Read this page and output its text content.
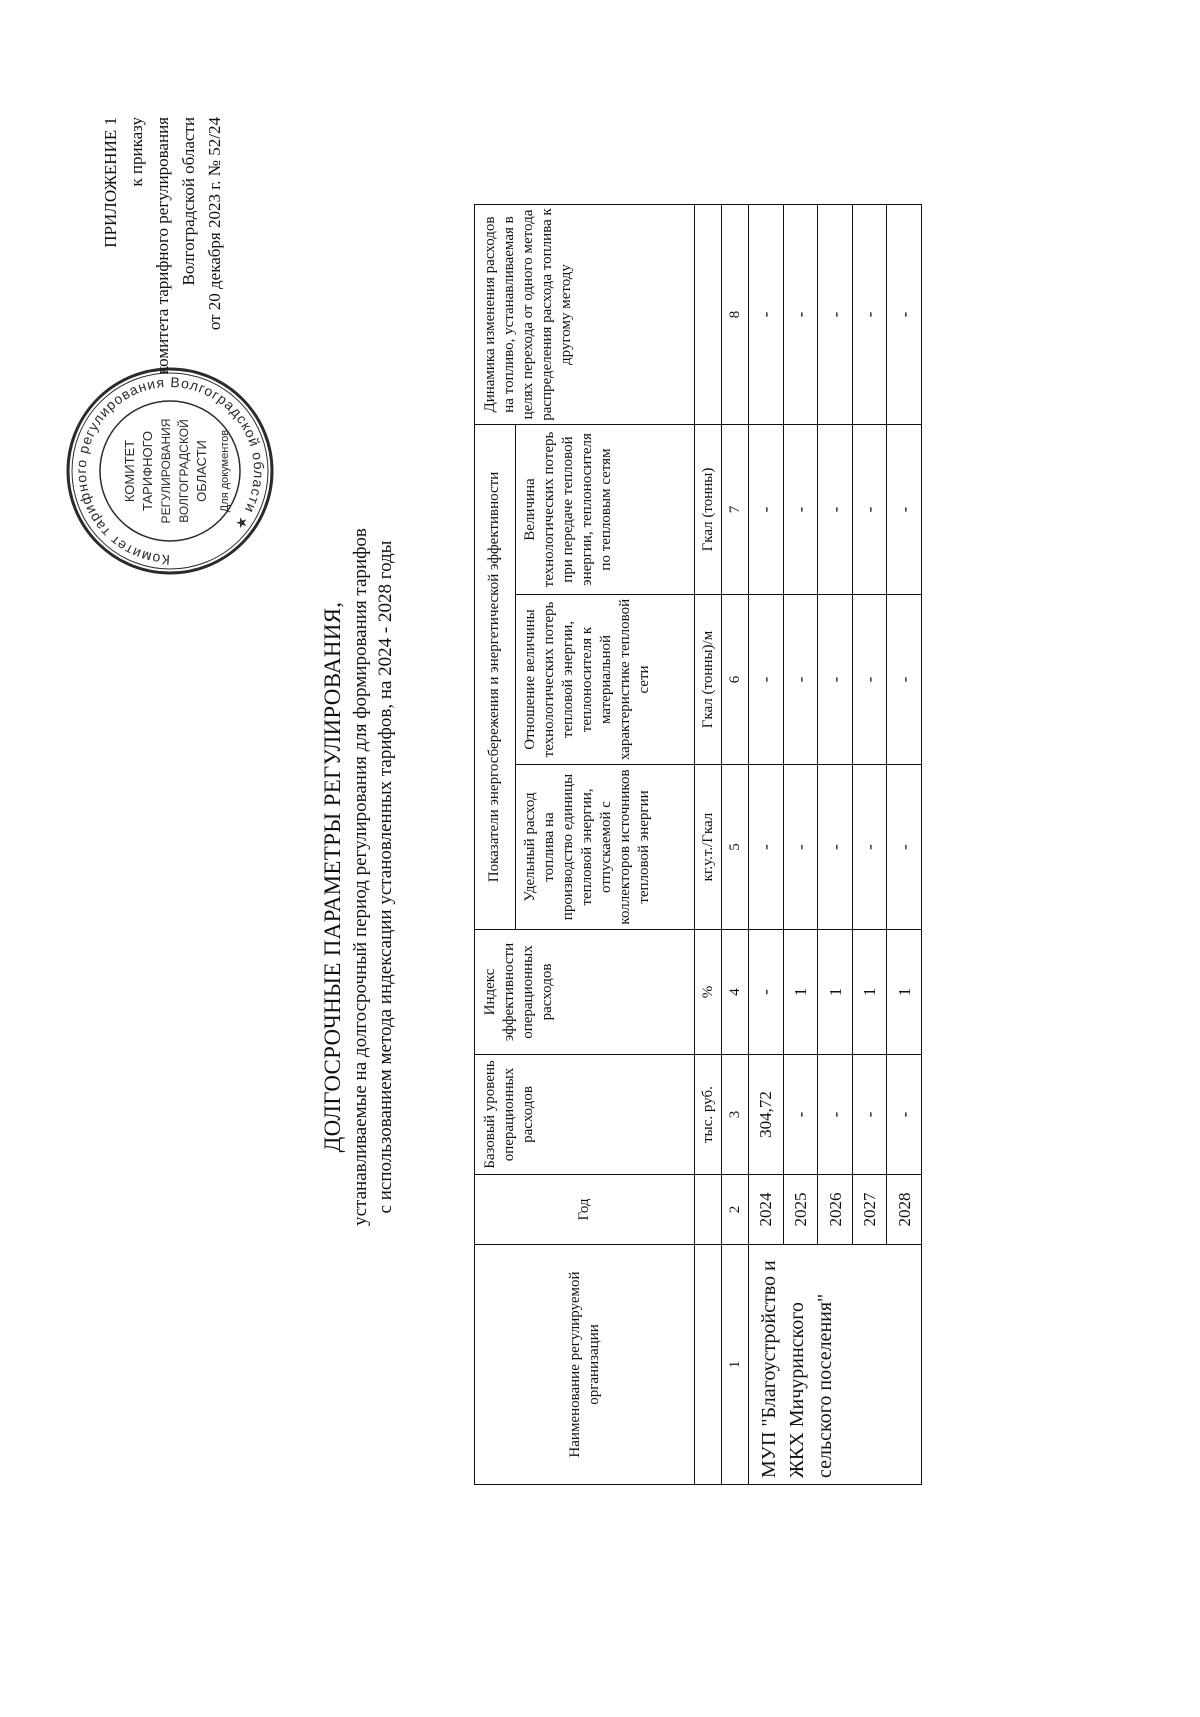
Комитет тарифного регулирования Волгоградской области ★
КОМИТЕТ ТАРИФНОГО РЕГУЛИРОВАНИЯ ВОЛГОГРАДСКОЙ ОБЛАСТИ Для документов
ПРИЛОЖЕНИЕ 1 к приказу комитета тарифного регулирования Волгоградской области от 20 декабря 2023 г. № 52/24
ДОЛГОСРОЧНЫЕ ПАРАМЕТРЫ РЕГУЛИРОВАНИЯ, устанавливаемые на долгосрочный период регулирования для формирования тарифов с использованием метода индексации установленных тарифов, на 2024 - 2028 годы
Наименование регулируемой организации	Год	Базовый уровень операционных расходов	Индекс эффективности операционных расходов	Показатели энергосбережения и энергетической эффективности			Динамика изменения расходов на топливо, устанавливаемая в целях перехода от одного метода распределения расхода топлива к другому методу
				Удельный расход топлива на производство единицы тепловой энергии, отпускаемой с коллекторов источников тепловой энергии	Отношение величины технологических потерь тепловой энергии, теплоносителя к материальной характеристике тепловой сети	Величина технологических потерь при передаче тепловой энергии, теплоносителя по тепловым сетям	
		тыс. руб.	%	кг.у.т./Гкал	Гкал (тонны)/м	Гкал (тонны)	
1	2	3	4	5	6	7	8
МУП "Благоустройство и ЖКХ Мичуринского сельского поселения"	2024	304,72	-	-	-	-	-
	2025	-	1	-	-	-	-
	2026	-	1	-	-	-	-
	2027	-	1	-	-	-	-
	2028	-	1	-	-	-	-
